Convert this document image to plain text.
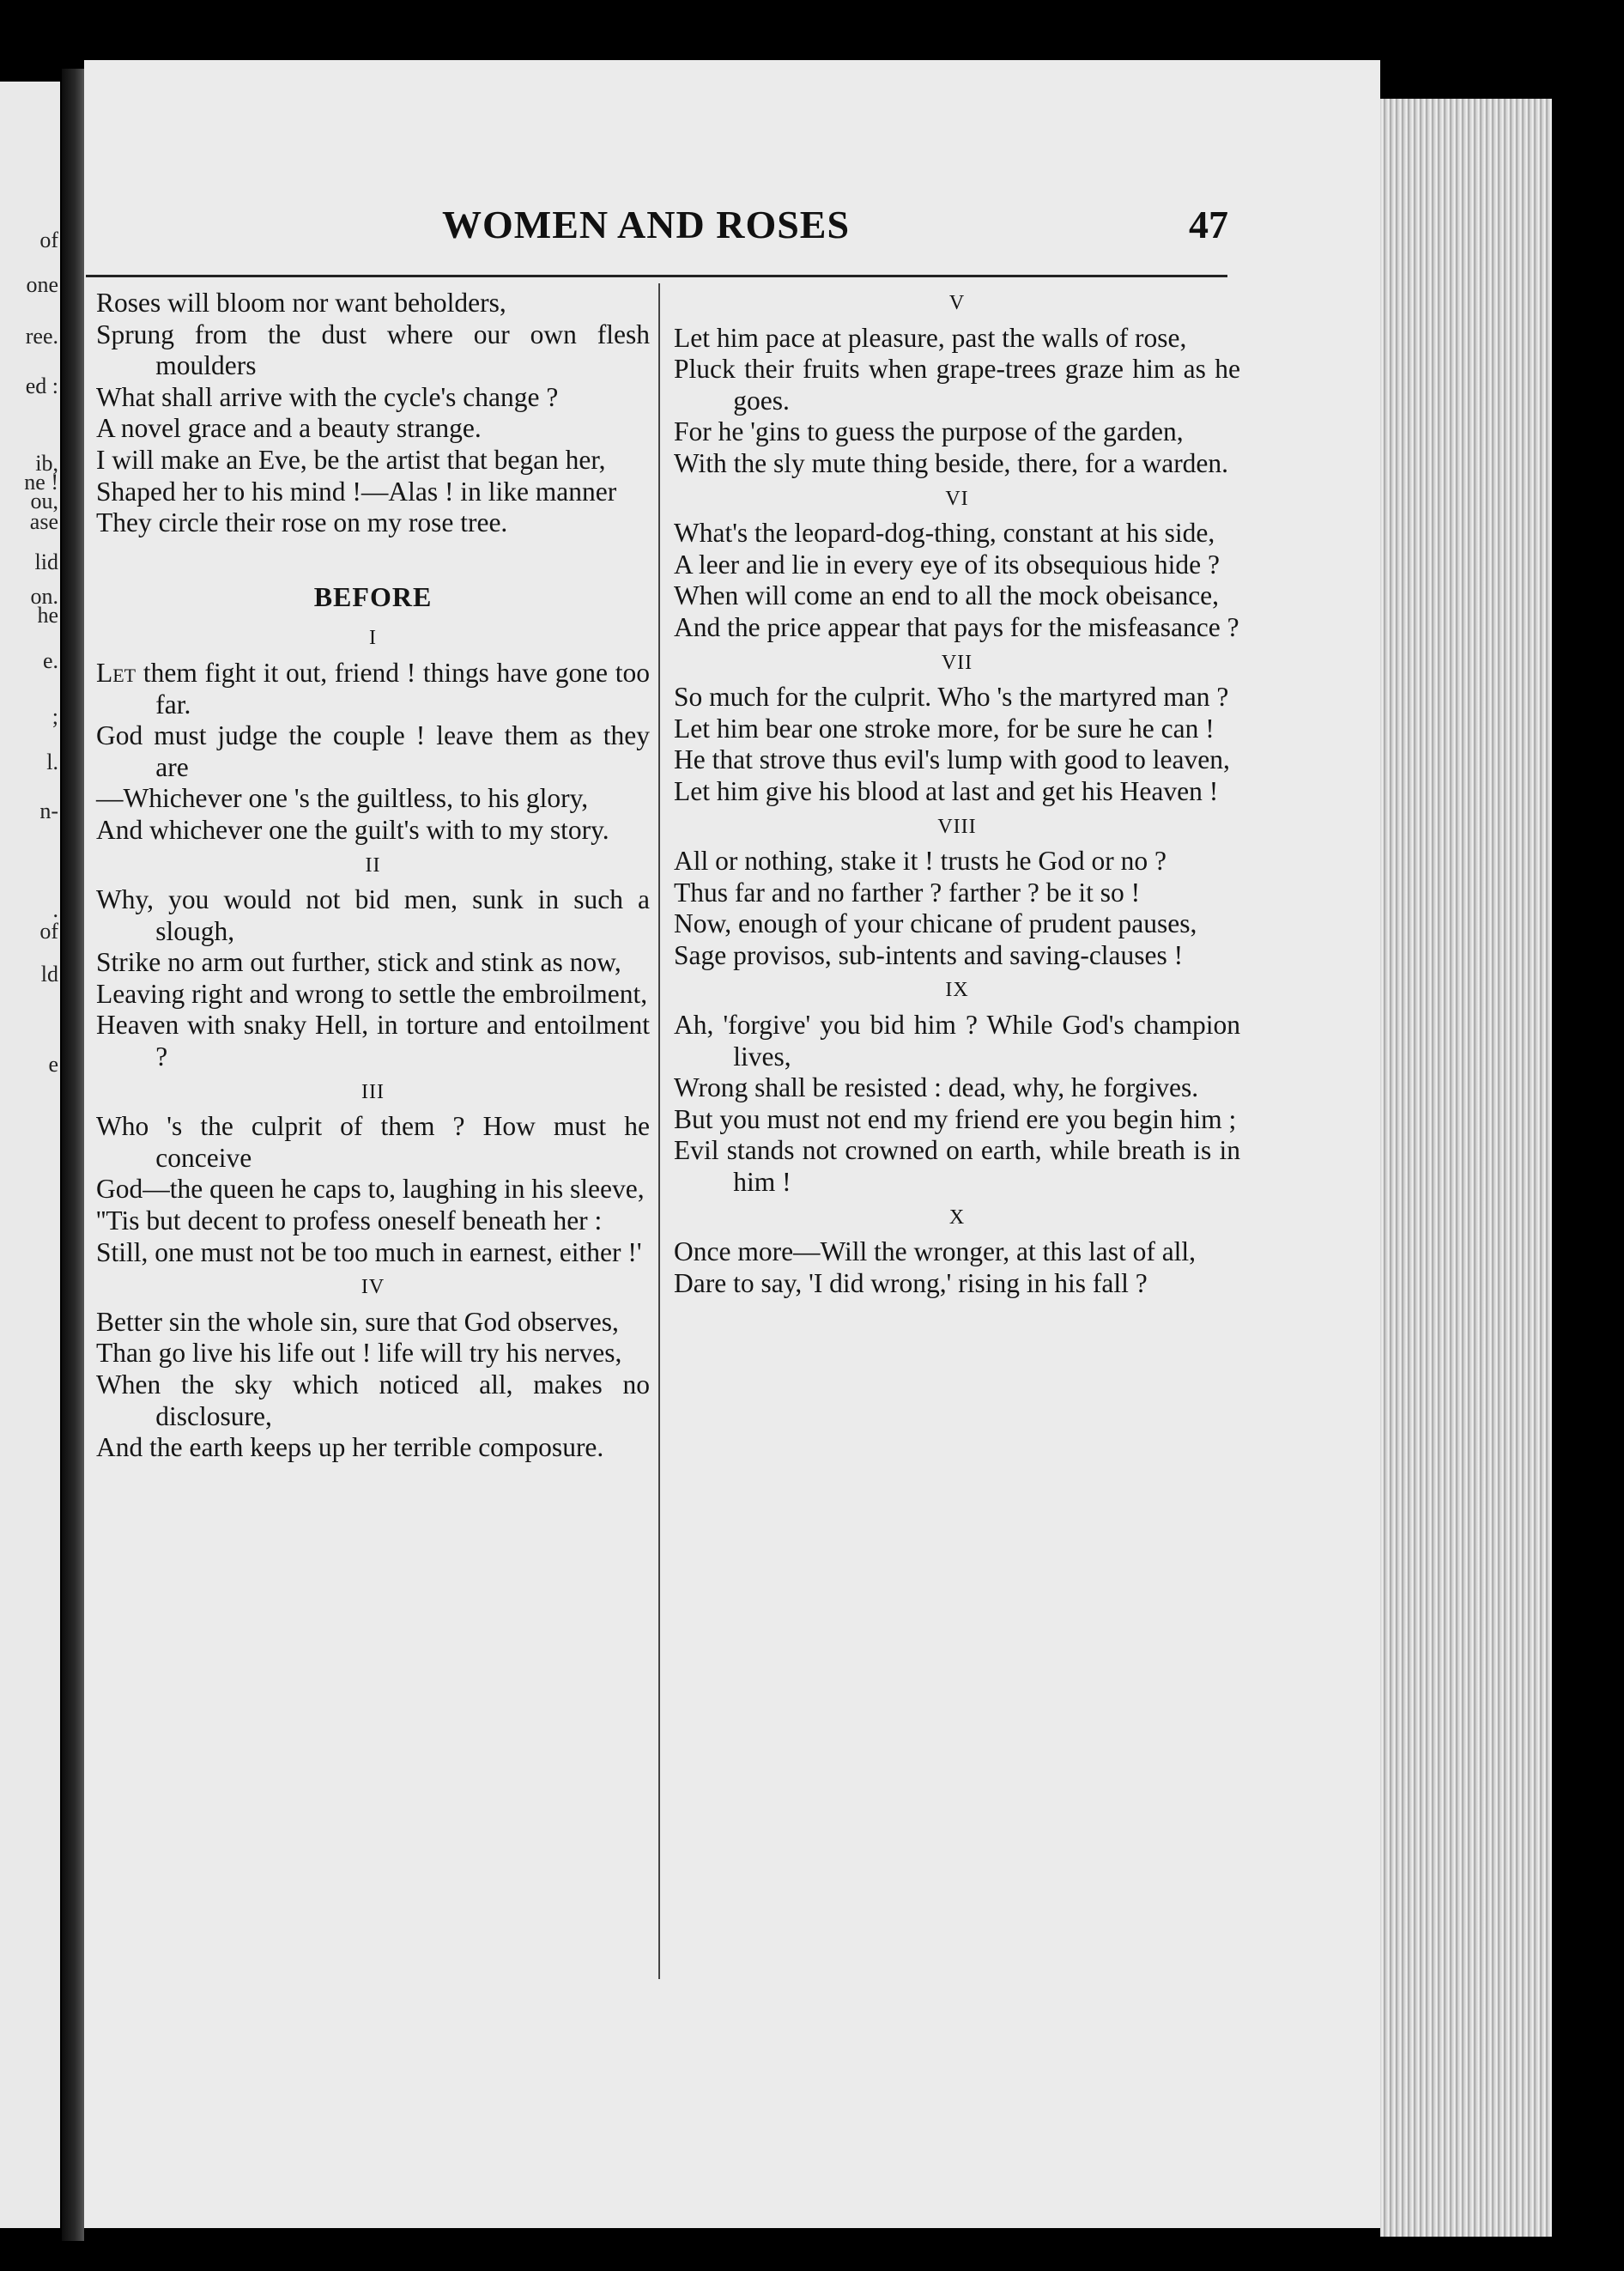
of
one
ree.
ed :
ib,
ne !
ou,
ase
lid
on.
he
e.
;
l.
n-
.
of
ld
e
WOMEN AND ROSES	47
Roses will bloom nor want beholders,
Sprung from the dust where our own flesh moulders
What shall arrive with the cycle's change ?
A novel grace and a beauty strange.
I will make an Eve, be the artist that began her,
Shaped her to his mind !—Alas ! in like manner
They circle their rose on my rose tree.
BEFORE
I
Let them fight it out, friend ! things have gone too far.
God must judge the couple ! leave them as they are
—Whichever one 's the guiltless, to his glory,
And whichever one the guilt's with to my story.
II
Why, you would not bid men, sunk in such a slough,
Strike no arm out further, stick and stink as now,
Leaving right and wrong to settle the embroilment,
Heaven with snaky Hell, in torture and entoilment ?
III
Who 's the culprit of them ? How must he conceive
God—the queen he caps to, laughing in his sleeve,
''Tis but decent to profess oneself beneath her :
Still, one must not be too much in earnest, either !'
IV
Better sin the whole sin, sure that God observes,
Than go live his life out ! life will try his nerves,
When the sky which noticed all, makes no disclosure,
And the earth keeps up her terrible composure.
V
Let him pace at pleasure, past the walls of rose,
Pluck their fruits when grape-trees graze him as he goes.
For he 'gins to guess the purpose of the garden,
With the sly mute thing beside, there, for a warden.
VI
What's the leopard-dog-thing, constant at his side,
A leer and lie in every eye of its obsequious hide ?
When will come an end to all the mock obeisance,
And the price appear that pays for the misfeasance ?
VII
So much for the culprit. Who 's the martyred man ?
Let him bear one stroke more, for be sure he can !
He that strove thus evil's lump with good to leaven,
Let him give his blood at last and get his Heaven !
VIII
All or nothing, stake it ! trusts he God or no ?
Thus far and no farther ? farther ? be it so !
Now, enough of your chicane of prudent pauses,
Sage provisos, sub-intents and saving-clauses !
IX
Ah, 'forgive' you bid him ? While God's champion lives,
Wrong shall be resisted : dead, why, he forgives.
But you must not end my friend ere you begin him ;
Evil stands not crowned on earth, while breath is in him !
X
Once more—Will the wronger, at this last of all,
Dare to say, 'I did wrong,' rising in his fall ?
